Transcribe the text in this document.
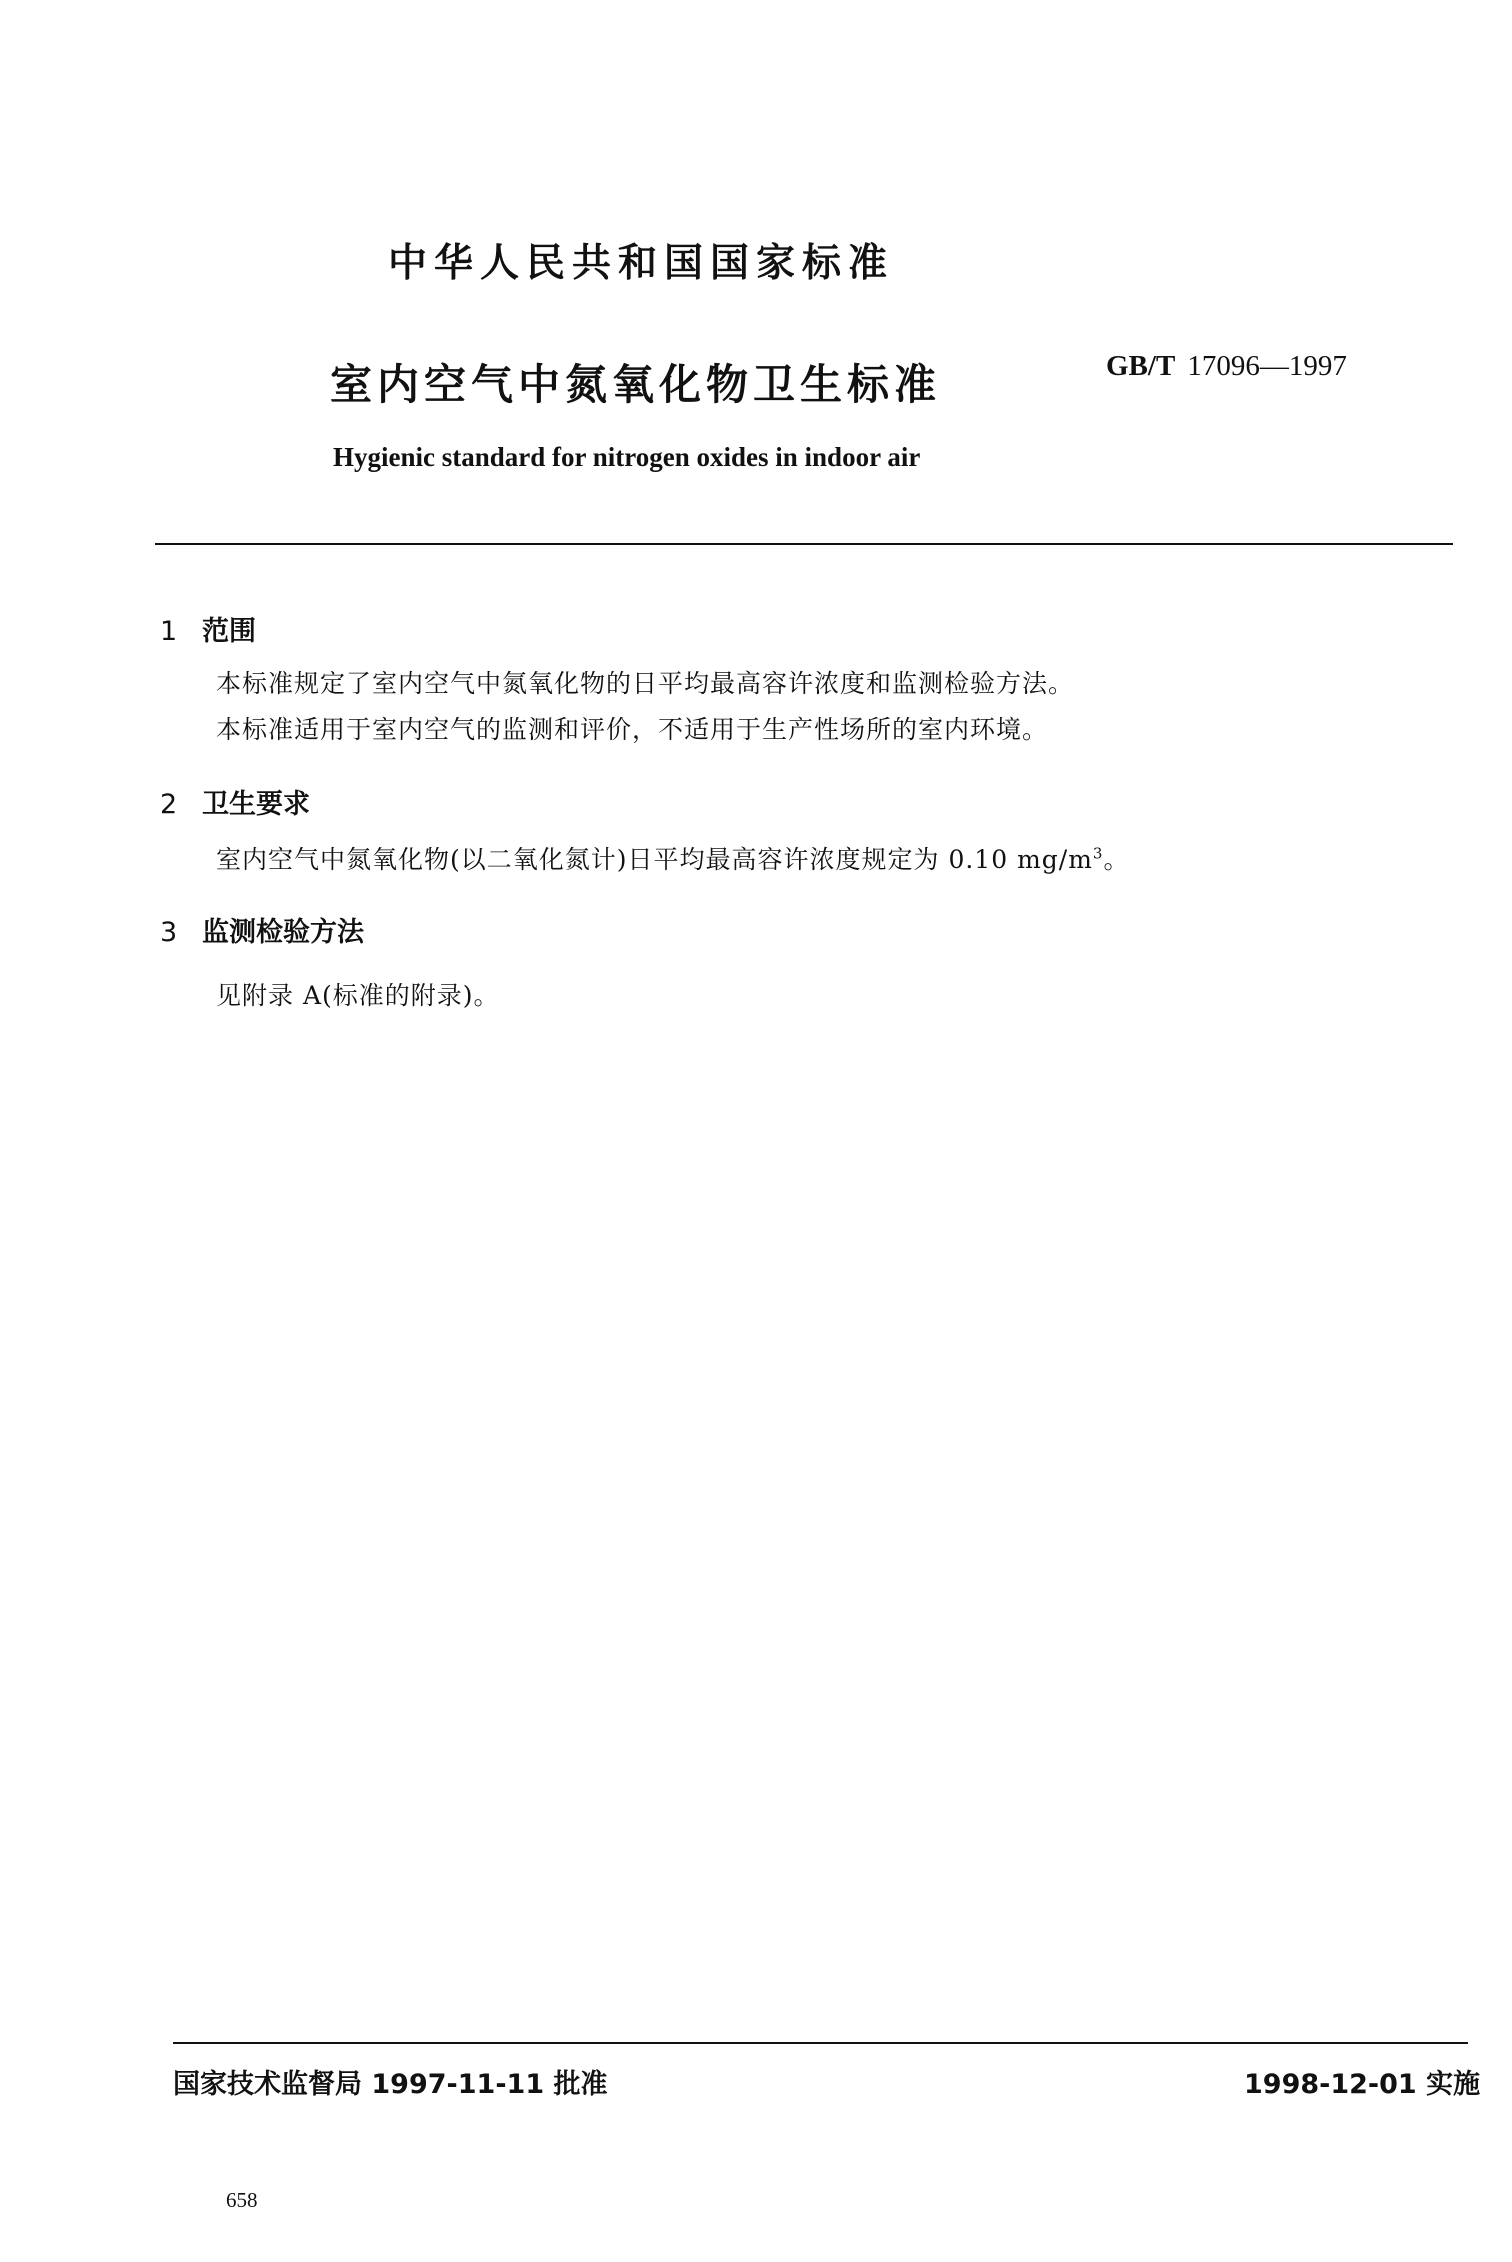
中华人民共和国国家标准
室内空气中氮氧化物卫生标准	GB/T 17096—1997
Hygienic standard for nitrogen oxides in indoor air
1 范围
本标准规定了室内空气中氮氧化物的日平均最高容许浓度和监测检验方法。
本标准适用于室内空气的监测和评价，不适用于生产性场所的室内环境。
2 卫生要求
室内空气中氮氧化物(以二氧化氮计)日平均最高容许浓度规定为 0.10 $mg/m^3$。
3 监测检验方法
见附录 A(标准的附录)。
国家技术监督局 1997-11-11 批准	1998-12-01 实施
658
